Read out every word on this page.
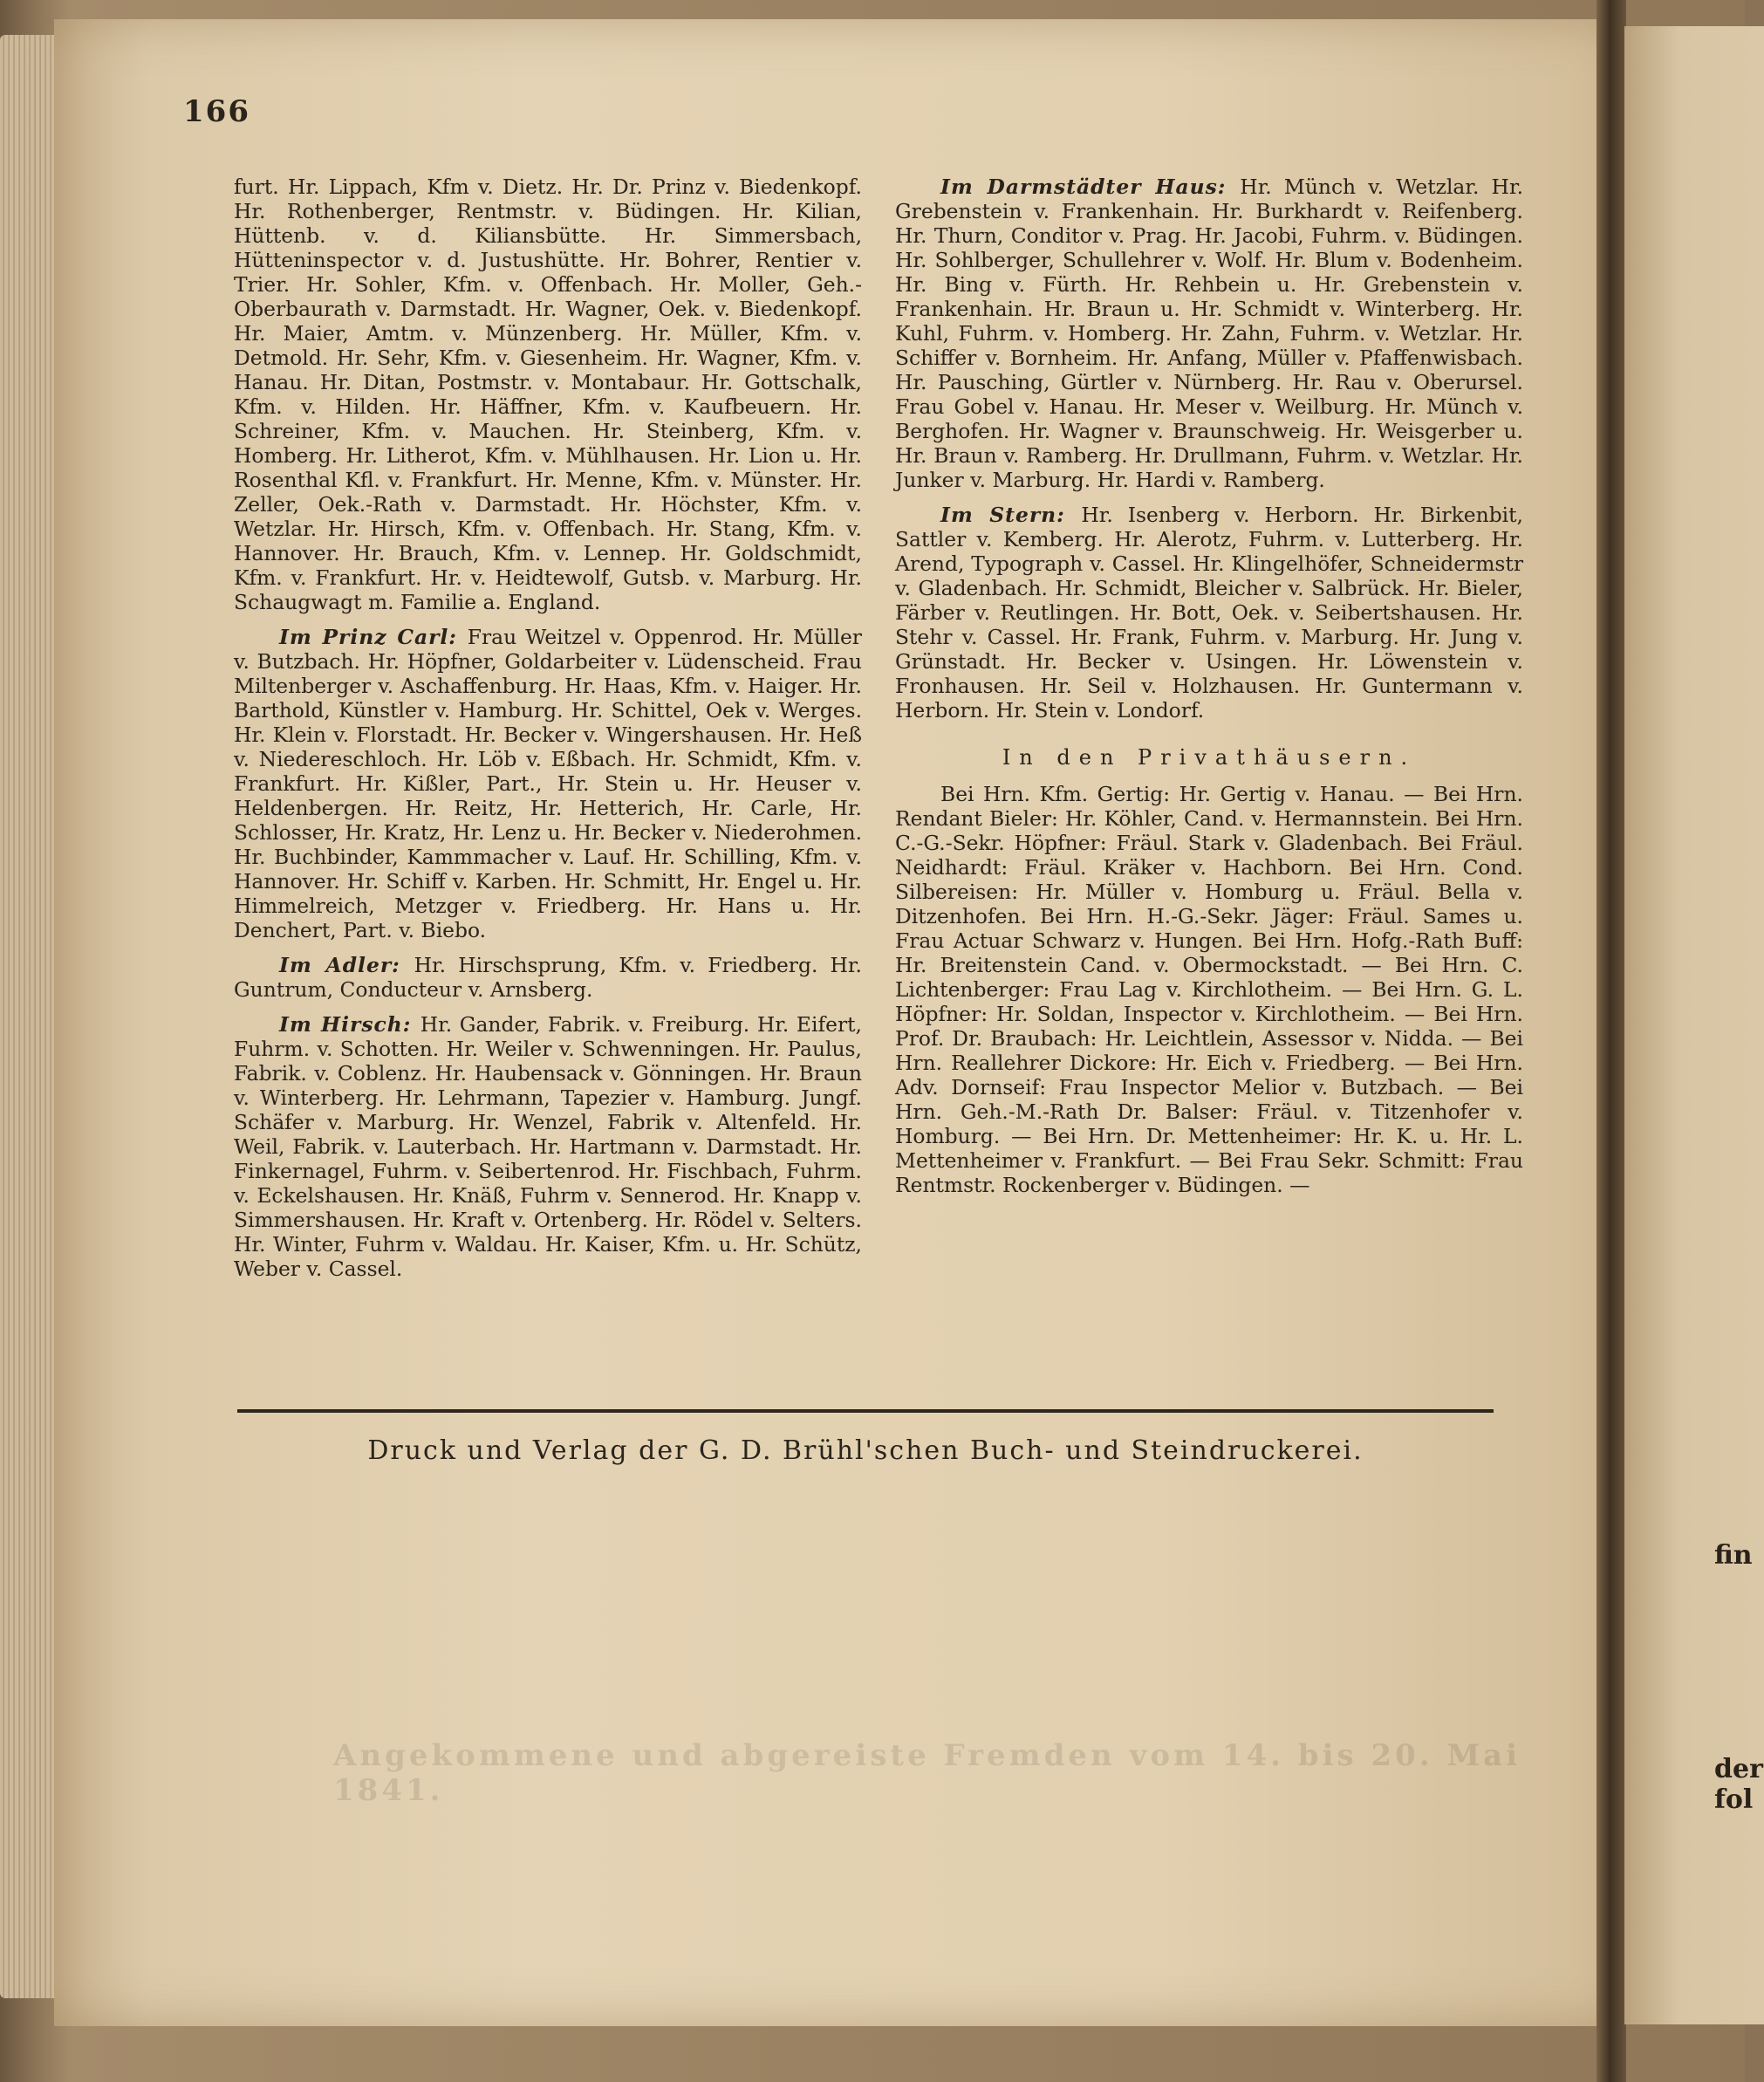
Angekommene und abgereiste Fremden vom 14. bis 20. Mai 1841.
166

furt. Hr. Lippach, Kfm v. Dietz. Hr. Dr. Prinz v. Biedenkopf. Hr. Rothenberger, Rentmstr. v. Büdingen. Hr. Kilian, Hüttenb. v. d. Kiliansbütte. Hr. Simmersbach, Hütteninspector v. d. Justushütte. Hr. Bohrer, Rentier v. Trier. Hr. Sohler, Kfm. v. Offenbach. Hr. Moller, Geh.-Oberbaurath v. Darmstadt. Hr. Wagner, Oek. v. Biedenkopf. Hr. Maier, Amtm. v. Münzenberg. Hr. Müller, Kfm. v. Detmold. Hr. Sehr, Kfm. v. Giesenheim. Hr. Wagner, Kfm. v. Hanau. Hr. Ditan, Postmstr. v. Montabaur. Hr. Gottschalk, Kfm. v. Hilden. Hr. Häffner, Kfm. v. Kaufbeuern. Hr. Schreiner, Kfm. v. Mauchen. Hr. Steinberg, Kfm. v. Homberg. Hr. Litherot, Kfm. v. Mühlhausen. Hr. Lion u. Hr. Rosenthal Kfl. v. Frankfurt. Hr. Menne, Kfm. v. Münster. Hr. Zeller, Oek.-Rath v. Darmstadt. Hr. Höchster, Kfm. v. Wetzlar. Hr. Hirsch, Kfm. v. Offenbach. Hr. Stang, Kfm. v. Hannover. Hr. Brauch, Kfm. v. Lennep. Hr. Goldschmidt, Kfm. v. Frankfurt. Hr. v. Heidtewolf, Gutsb. v. Marburg. Hr. Schaugwagt m. Familie a. England.

Im Prinz Carl: Frau Weitzel v. Oppenrod. Hr. Müller v. Butzbach. Hr. Höpfner, Goldarbeiter v. Lüdenscheid. Frau Miltenberger v. Aschaffenburg. Hr. Haas, Kfm. v. Haiger. Hr. Barthold, Künstler v. Hamburg. Hr. Schittel, Oek v. Werges. Hr. Klein v. Florstadt. Hr. Becker v. Wingershausen. Hr. Heß v. Niedereschloch. Hr. Löb v. Eßbach. Hr. Schmidt, Kfm. v. Frankfurt. Hr. Kißler, Part., Hr. Stein u. Hr. Heuser v. Heldenbergen. Hr. Reitz, Hr. Hetterich, Hr. Carle, Hr. Schlosser, Hr. Kratz, Hr. Lenz u. Hr. Becker v. Niederohmen. Hr. Buchbinder, Kammmacher v. Lauf. Hr. Schilling, Kfm. v. Hannover. Hr. Schiff v. Karben. Hr. Schmitt, Hr. Engel u. Hr. Himmelreich, Metzger v. Friedberg. Hr. Hans u. Hr. Denchert, Part. v. Biebo.

Im Adler: Hr. Hirschsprung, Kfm. v. Friedberg. Hr. Guntrum, Conducteur v. Arnsberg.

Im Hirsch: Hr. Gander, Fabrik. v. Freiburg. Hr. Eifert, Fuhrm. v. Schotten. Hr. Weiler v. Schwenningen. Hr. Paulus, Fabrik. v. Coblenz. Hr. Haubensack v. Gönningen. Hr. Braun v. Winterberg. Hr. Lehrmann, Tapezier v. Hamburg. Jungf. Schäfer v. Marburg. Hr. Wenzel, Fabrik v. Altenfeld. Hr. Weil, Fabrik. v. Lauterbach. Hr. Hartmann v. Darmstadt. Hr. Finkernagel, Fuhrm. v. Seibertenrod. Hr. Fischbach, Fuhrm. v. Eckelshausen. Hr. Knäß, Fuhrm v. Sennerod. Hr. Knapp v. Simmershausen. Hr. Kraft v. Ortenberg. Hr. Rödel v. Selters. Hr. Winter, Fuhrm v. Waldau. Hr. Kaiser, Kfm. u. Hr. Schütz, Weber v. Cassel.

Im Darmstädter Haus: Hr. Münch v. Wetzlar. Hr. Grebenstein v. Frankenhain. Hr. Burkhardt v. Reifenberg. Hr. Thurn, Conditor v. Prag. Hr. Jacobi, Fuhrm. v. Büdingen. Hr. Sohlberger, Schullehrer v. Wolf. Hr. Blum v. Bodenheim. Hr. Bing v. Fürth. Hr. Rehbein u. Hr. Grebenstein v. Frankenhain. Hr. Braun u. Hr. Schmidt v. Winterberg. Hr. Kuhl, Fuhrm. v. Homberg. Hr. Zahn, Fuhrm. v. Wetzlar. Hr. Schiffer v. Bornheim. Hr. Anfang, Müller v. Pfaffenwisbach. Hr. Pausching, Gürtler v. Nürnberg. Hr. Rau v. Oberursel. Frau Gobel v. Hanau. Hr. Meser v. Weilburg. Hr. Münch v. Berghofen. Hr. Wagner v. Braunschweig. Hr. Weisgerber u. Hr. Braun v. Ramberg. Hr. Drullmann, Fuhrm. v. Wetzlar. Hr. Junker v. Marburg. Hr. Hardi v. Ramberg.

Im Stern: Hr. Isenberg v. Herborn. Hr. Birkenbit, Sattler v. Kemberg. Hr. Alerotz, Fuhrm. v. Lutterberg. Hr. Arend, Typograph v. Cassel. Hr. Klingelhöfer, Schneidermstr v. Gladenbach. Hr. Schmidt, Bleicher v. Salbrück. Hr. Bieler, Färber v. Reutlingen. Hr. Bott, Oek. v. Seibertshausen. Hr. Stehr v. Cassel. Hr. Frank, Fuhrm. v. Marburg. Hr. Jung v. Grünstadt. Hr. Becker v. Usingen. Hr. Löwenstein v. Fronhausen. Hr. Seil v. Holzhausen. Hr. Guntermann v. Herborn. Hr. Stein v. Londorf.

In den Privathäusern.

Bei Hrn. Kfm. Gertig: Hr. Gertig v. Hanau. — Bei Hrn. Rendant Bieler: Hr. Köhler, Cand. v. Hermannstein. Bei Hrn. C.-G.-Sekr. Höpfner: Fräul. Stark v. Gladenbach. Bei Fräul. Neidhardt: Fräul. Kräker v. Hachborn. Bei Hrn. Cond. Silbereisen: Hr. Müller v. Homburg u. Fräul. Bella v. Ditzenhofen. Bei Hrn. H.-G.-Sekr. Jäger: Fräul. Sames u. Frau Actuar Schwarz v. Hungen. Bei Hrn. Hofg.-Rath Buff: Hr. Breitenstein Cand. v. Obermockstadt. — Bei Hrn. C. Lichtenberger: Frau Lag v. Kirchlotheim. — Bei Hrn. G. L. Höpfner: Hr. Soldan, Inspector v. Kirchlotheim. — Bei Hrn. Prof. Dr. Braubach: Hr. Leichtlein, Assessor v. Nidda. — Bei Hrn. Reallehrer Dickore: Hr. Eich v. Friedberg. — Bei Hrn. Adv. Dornseif: Frau Inspector Melior v. Butzbach. — Bei Hrn. Geh.-M.-Rath Dr. Balser: Fräul. v. Titzenhofer v. Homburg. — Bei Hrn. Dr. Mettenheimer: Hr. K. u. Hr. L. Mettenheimer v. Frankfurt. — Bei Frau Sekr. Schmitt: Frau Rentmstr. Rockenberger v. Büdingen. —

Druck und Verlag der G. D. Brühl'schen Buch- und Steindruckerei.
fin
der
fol
